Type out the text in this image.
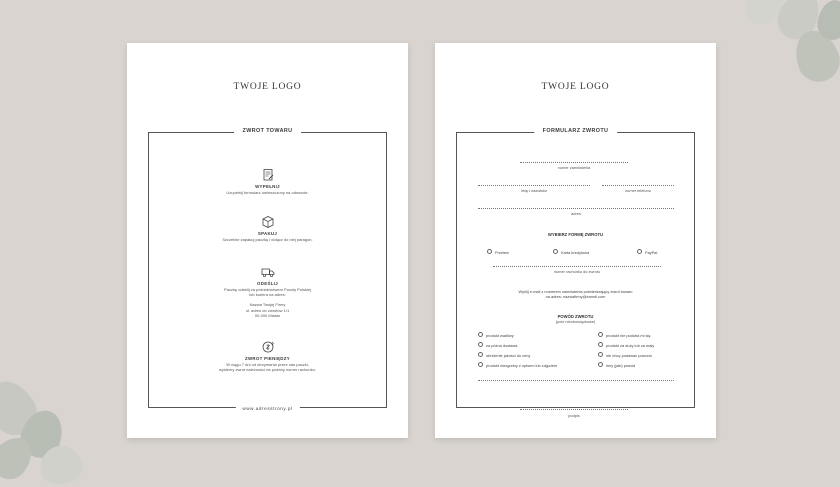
TWOJE LOGO
ZWROT TOWARU
WYPEŁNIJ
Uzupełnij formularz umieszczony na odwrocie.
SPAKUJ
Szczelnie zapakuj paczkę i dołącz do niej paragon.
ODEŚLIJ
Paczkę odeślij za pośrednictwem Poczty Polskiej
lub kuriera na adres:
Nazwa Twojej Firmy
ul. adres do zwrotów 1/1
00-000 Miasto
ZWROT PIENIĘDZY
W ciągu 7 dni od otrzymania przez nas paczki,
wyślemy zwrot należności na podany numer rachunku.
www.adresstrony.pl
TWOJE LOGO
FORMULARZ ZWROTU
numer zamówienia
imię i nazwisko	numer telefonu
adres
WYBIERZ FORMĘ ZWROTU
Przelew	Karta kredytowa	PayPal
numer rachunku do zwrotu
Wyślij e-mail z numerem zamówienia potwierdzający zwrot towaru
na adres: nazwafirmy@zamdl.com
POWÓD ZWROTU
(pole nieobowiązkowe)
produkt wadliwy
za późna dostawa
obniżenie jakości do ceny
produkt niezgodny z opisem lub zdjęciem
produkt nie podoba mi się
produkt za duży lub za mały
nie chcę podawać powodu
inny (jaki) powód
podpis
